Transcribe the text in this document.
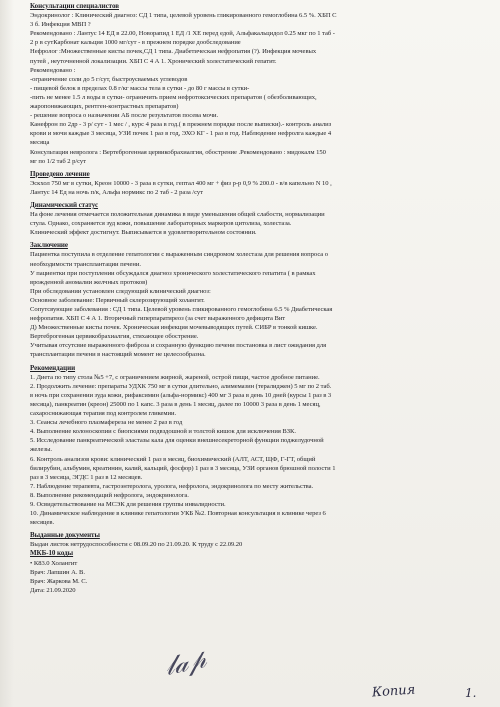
Консультации специалистов
Эндокринолог : Клинический диагноз: СД 1 типа, целевой уровень гликированного гемоглобина 6.5 %. ХБП С
3 б. Инфекция МВП ?
Рекомендовано : Лантус 14 ЕД в 22.00, Новорапид 1 ЕД /1 ХЕ перед едой, Альфакальцидол 0.25 мкг по 1 таб -
2 р в сутКарбонат кальция 1000 мг/сут - в прежнем порядке дообследование
Нефролог :Множественные кисты почек,СД 1 типа. Диабетическая нефропатия (?). Инфекция мочевых
путей , неуточненной локализации. ХБП С 4 А 1. Хронический холестатический гепатит.
Рекомендовано :
-ограничение соли до 5 г/сут, быстроусваемых углеводов
- пищевой белок в пределах 0.8 г/кг массы тела в сутки - до 80 г массы в сутки-
-пить не менее 1.5 л воды в сутки- ограничить прием нефротоксических препаратов ( обезболивающих,
жаропонижающих, рентген-контрастных препаратов)
- решение вопроса о назначении АБ после результатов посева мочи.
Канефрон по 2др - 3 р/ сут - 1 мес / , курс 4 раза в год.( в прежнем порядке после выписки).- контроль анализ
крови и мочи каждые 3 месяца, УЗИ почек 1 раз в год, ЭХО КГ - 1 раз в год. Наблюдение нефролга каждые 4
месяца
Консультация невролога : Вертеброгенная цервикобрахиалгия, обострение .Рекомендовано : мидокалм 150
мг по 1/2 таб 2 р/сут
Проведено лечение
Эскхол 750 мг в сутки, Креон 10000 - 3 раза в сутки, гептал 400 мг + физ р-р 0,9 % 200.0 - в/в капельно N 10 ,
Лантус 14 Ед на ночь п/к, Альфа нормикс по 2 таб - 2 раза /сут
Динамический статус
На фоне лечения отмечается положительная динамика в виде уменьшения общей слабости, нормализации
стула. Однако, сохраняется зуд кожи, повышение лабораторных маркеров цитолиза, холестаза.
Клинический эффект достигнут. Выписывается в удовлетворительном состоянии.
Заключение
Пациентка поступила в отделение гепатологии с выраженным синдромом холестаза для решения вопроса о
необходимости трансплантации печени.
У пациентки при поступлении обсуждался диагноз хронического холестатического гепатита ( в рамках
врожденной аномалии желчных протоков)
При обследовании установлен следующий клинический диагноз:
Основное заболевание: Первичный склерозирующий холангит.
Сопутсвующие заболевания : СД 1 типа. Целевой уровень гликированного гемоглобина 6.5 % Диабетическая
нефропатия. ХБП С 4 А 1. Вторичный гиперпаратиреоз (за счет выраженного дефицита Вит
Д) Множественные кисты почек. Хроническая инфекция мочевыводящих путей. СИБР в тонкой кишке.
Вертеброгенная цервикобрахиалгия, стихающее обострение.
Учитывая отсутсвие выраженного фиброза и сохранную функцию печени постановка в лист ожидания для
трансплантации печени в настоящий момент не целесообразна.
Рекомендации
1. Диета по типу стола №5 +7, с ограничением жирной, жареной, острой пищи, частое дробное питание.
2. Продолжить лечение: препараты УДХК 750 мг в сутки длительно, алимемазин (тералиджен) 5 мг по 2 таб.
в ночь при сохранении зуда кожи, рифаксимин (альфа-нормикс) 400 мг 3 раза в день 10 дней (курсы 1 раз в 3
месяца), панкреатин (креон) 25000 по 1 капс. 3 раза в день 1 месяц, далее по 10000 3 раза в день 1 месяц,
сахароснижающая терапия под контролем гликемии.
3. Сеансы лечебного плазмафереза не менее 2 раз в год
4. Выполнение колоноскопии с биопсиями подвздошной и толстой кишок для исключения ВЗК.
5. Исследование панкреатической эластазы кала для оценки внешнесекреторной функции поджелудочной
железы.
6. Контроль анализов крови: клинический 1 раз в месяц, биохимический (АЛТ, АСТ, ЩФ, Г-ГТ, общий
билирубин, альбумин, креатинин, калий, кальций, фосфор) 1 раз в 3 месяца, УЗИ органов брюшной полости 1
раз в 3 месяца, ЭГДС 1 раз в 12 месяцев.
7. Наблюдение терапевта, гастроэнтеролога, уролога, нефролога, эндокринолога по месту жительства.
8. Выполнение рекомендаций нефролога, эндокринолога.
9. Освидетельствование на МСЭК для решения группы инвалидности.
10. Динамическое наблюдение в клинике гепатологии УКБ №2. Повторная консультация в клинике через 6
месяцев.
Выданные документы
Выдан листок нетрудоспособности с 08.09.20 по 21.09.20. К труду с 22.09.20
МКБ-10 коды
• К83.0 Холангит
Врач: Лапшин А. В.
Врач: Жаркова М. С.
Дата: 21.09.2020
𝓁𝒶𝓅
Копия	1.
